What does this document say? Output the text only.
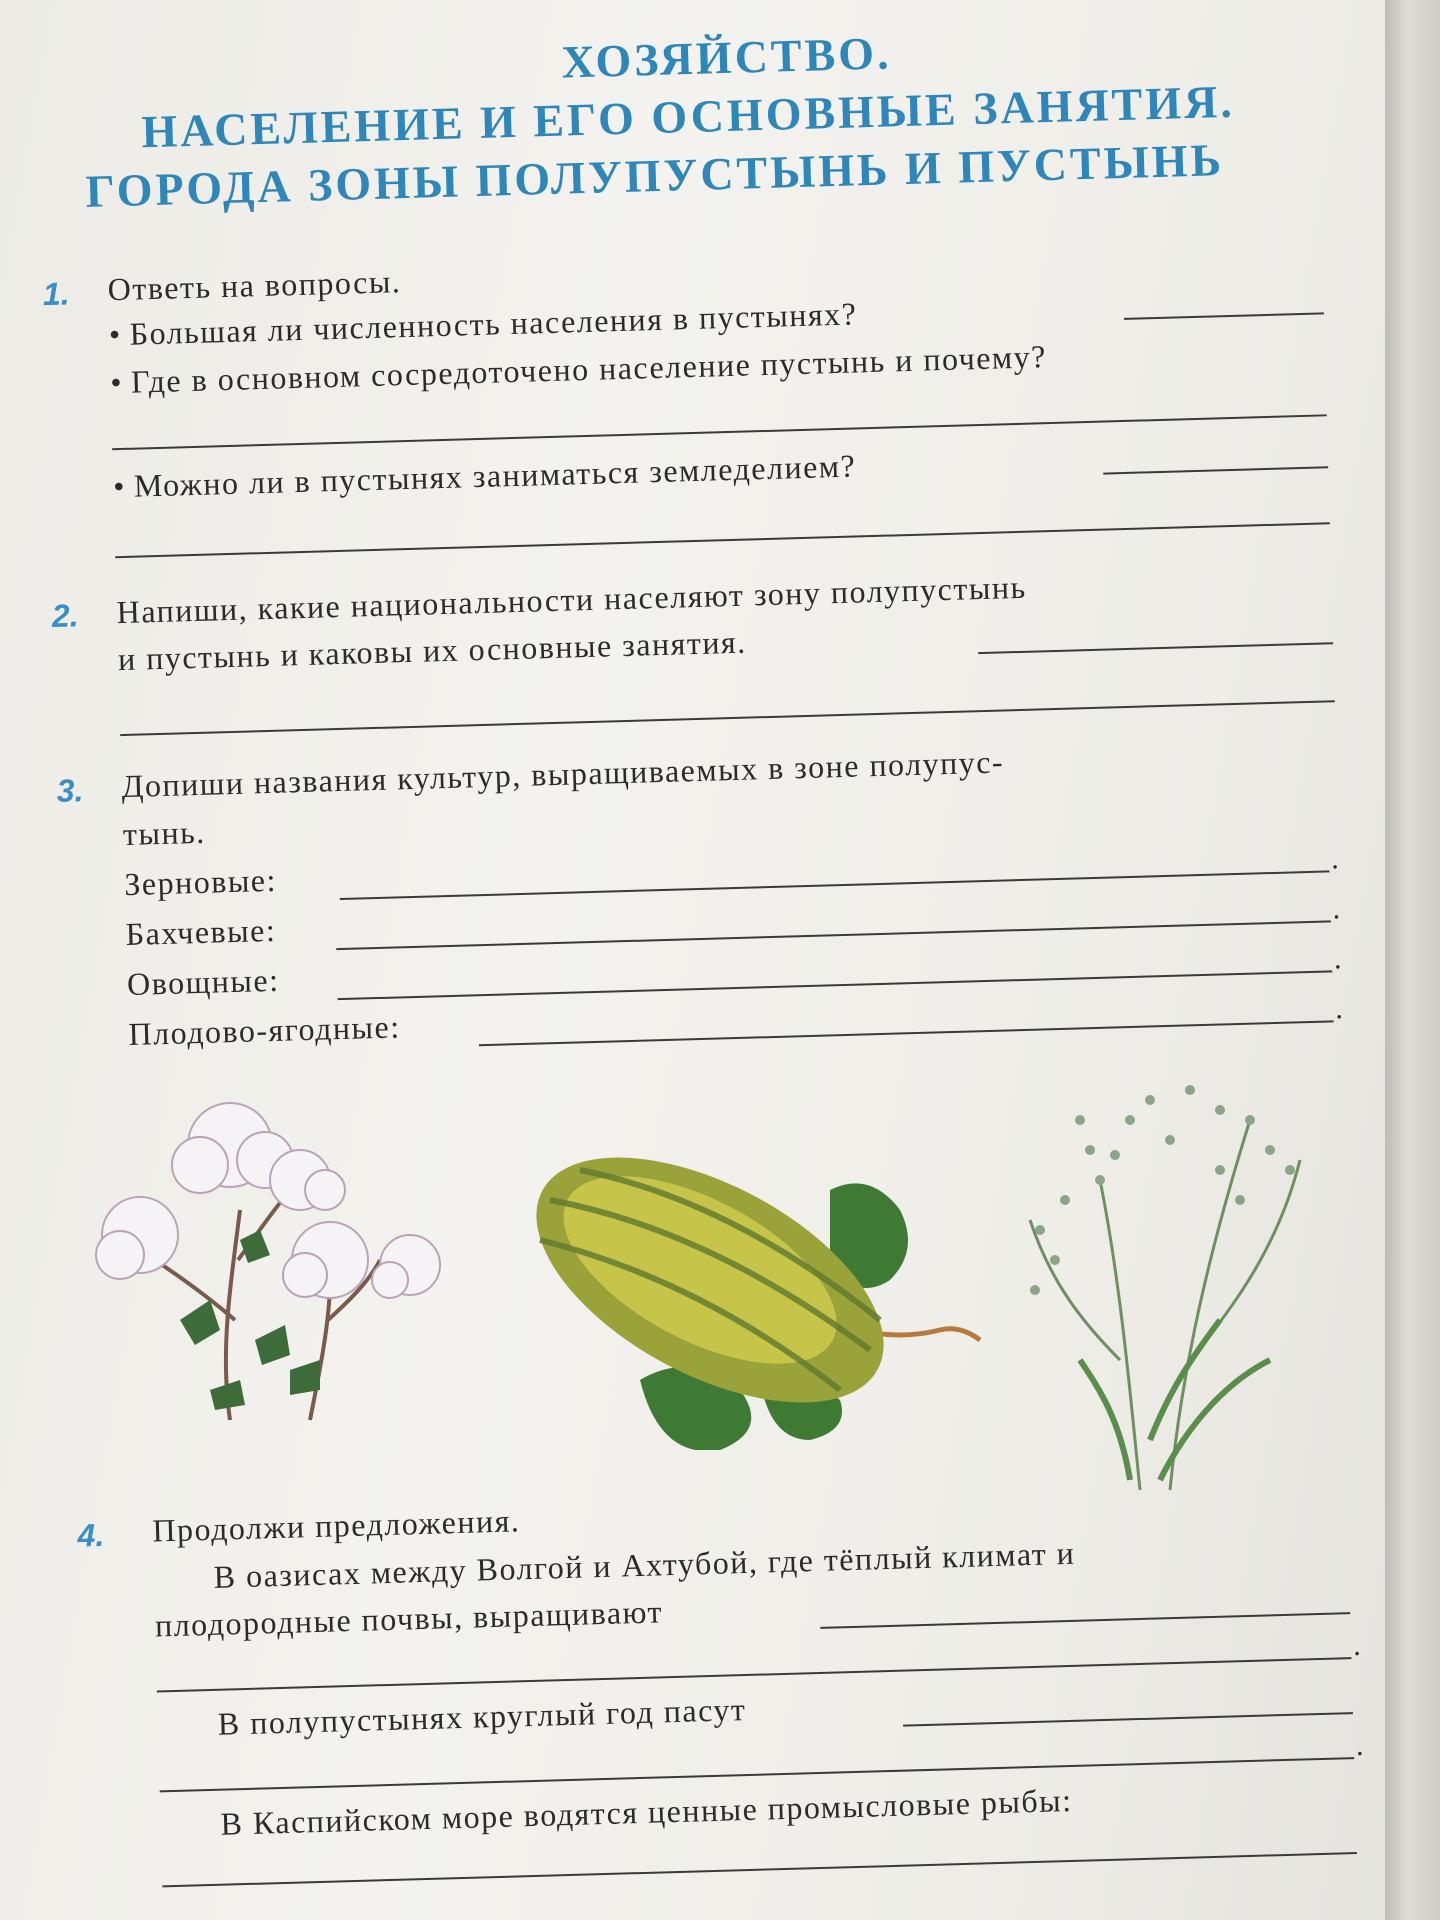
ХОЗЯЙСТВО.
НАСЕЛЕНИЕ И ЕГО ОСНОВНЫЕ ЗАНЯТИЯ.
ГОРОДА ЗОНЫ ПОЛУПУСТЫНЬ И ПУСТЫНЬ
1. Ответь на вопросы.
• Большая ли численность населения в пустынях?
• Где в основном сосредоточено население пустынь и почему?
• Можно ли в пустынях заниматься земледелием?
2. Напиши, какие национальности населяют зону полупустынь
и пустынь и каковы их основные занятия.
3. Допиши названия культур, выращиваемых в зоне полупус-
тынь.
Зерновые:
.
Бахчевые:
.
Овощные:
.
Плодово-ягодные:	.
4. Продолжи предложения.
В оазисах между Волгой и Ахтубой, где тёплый климат и
плодородные почвы, выращивают
.
В полупустынях круглый год пасут
.
В Каспийском море водятся ценные промысловые рыбы:
